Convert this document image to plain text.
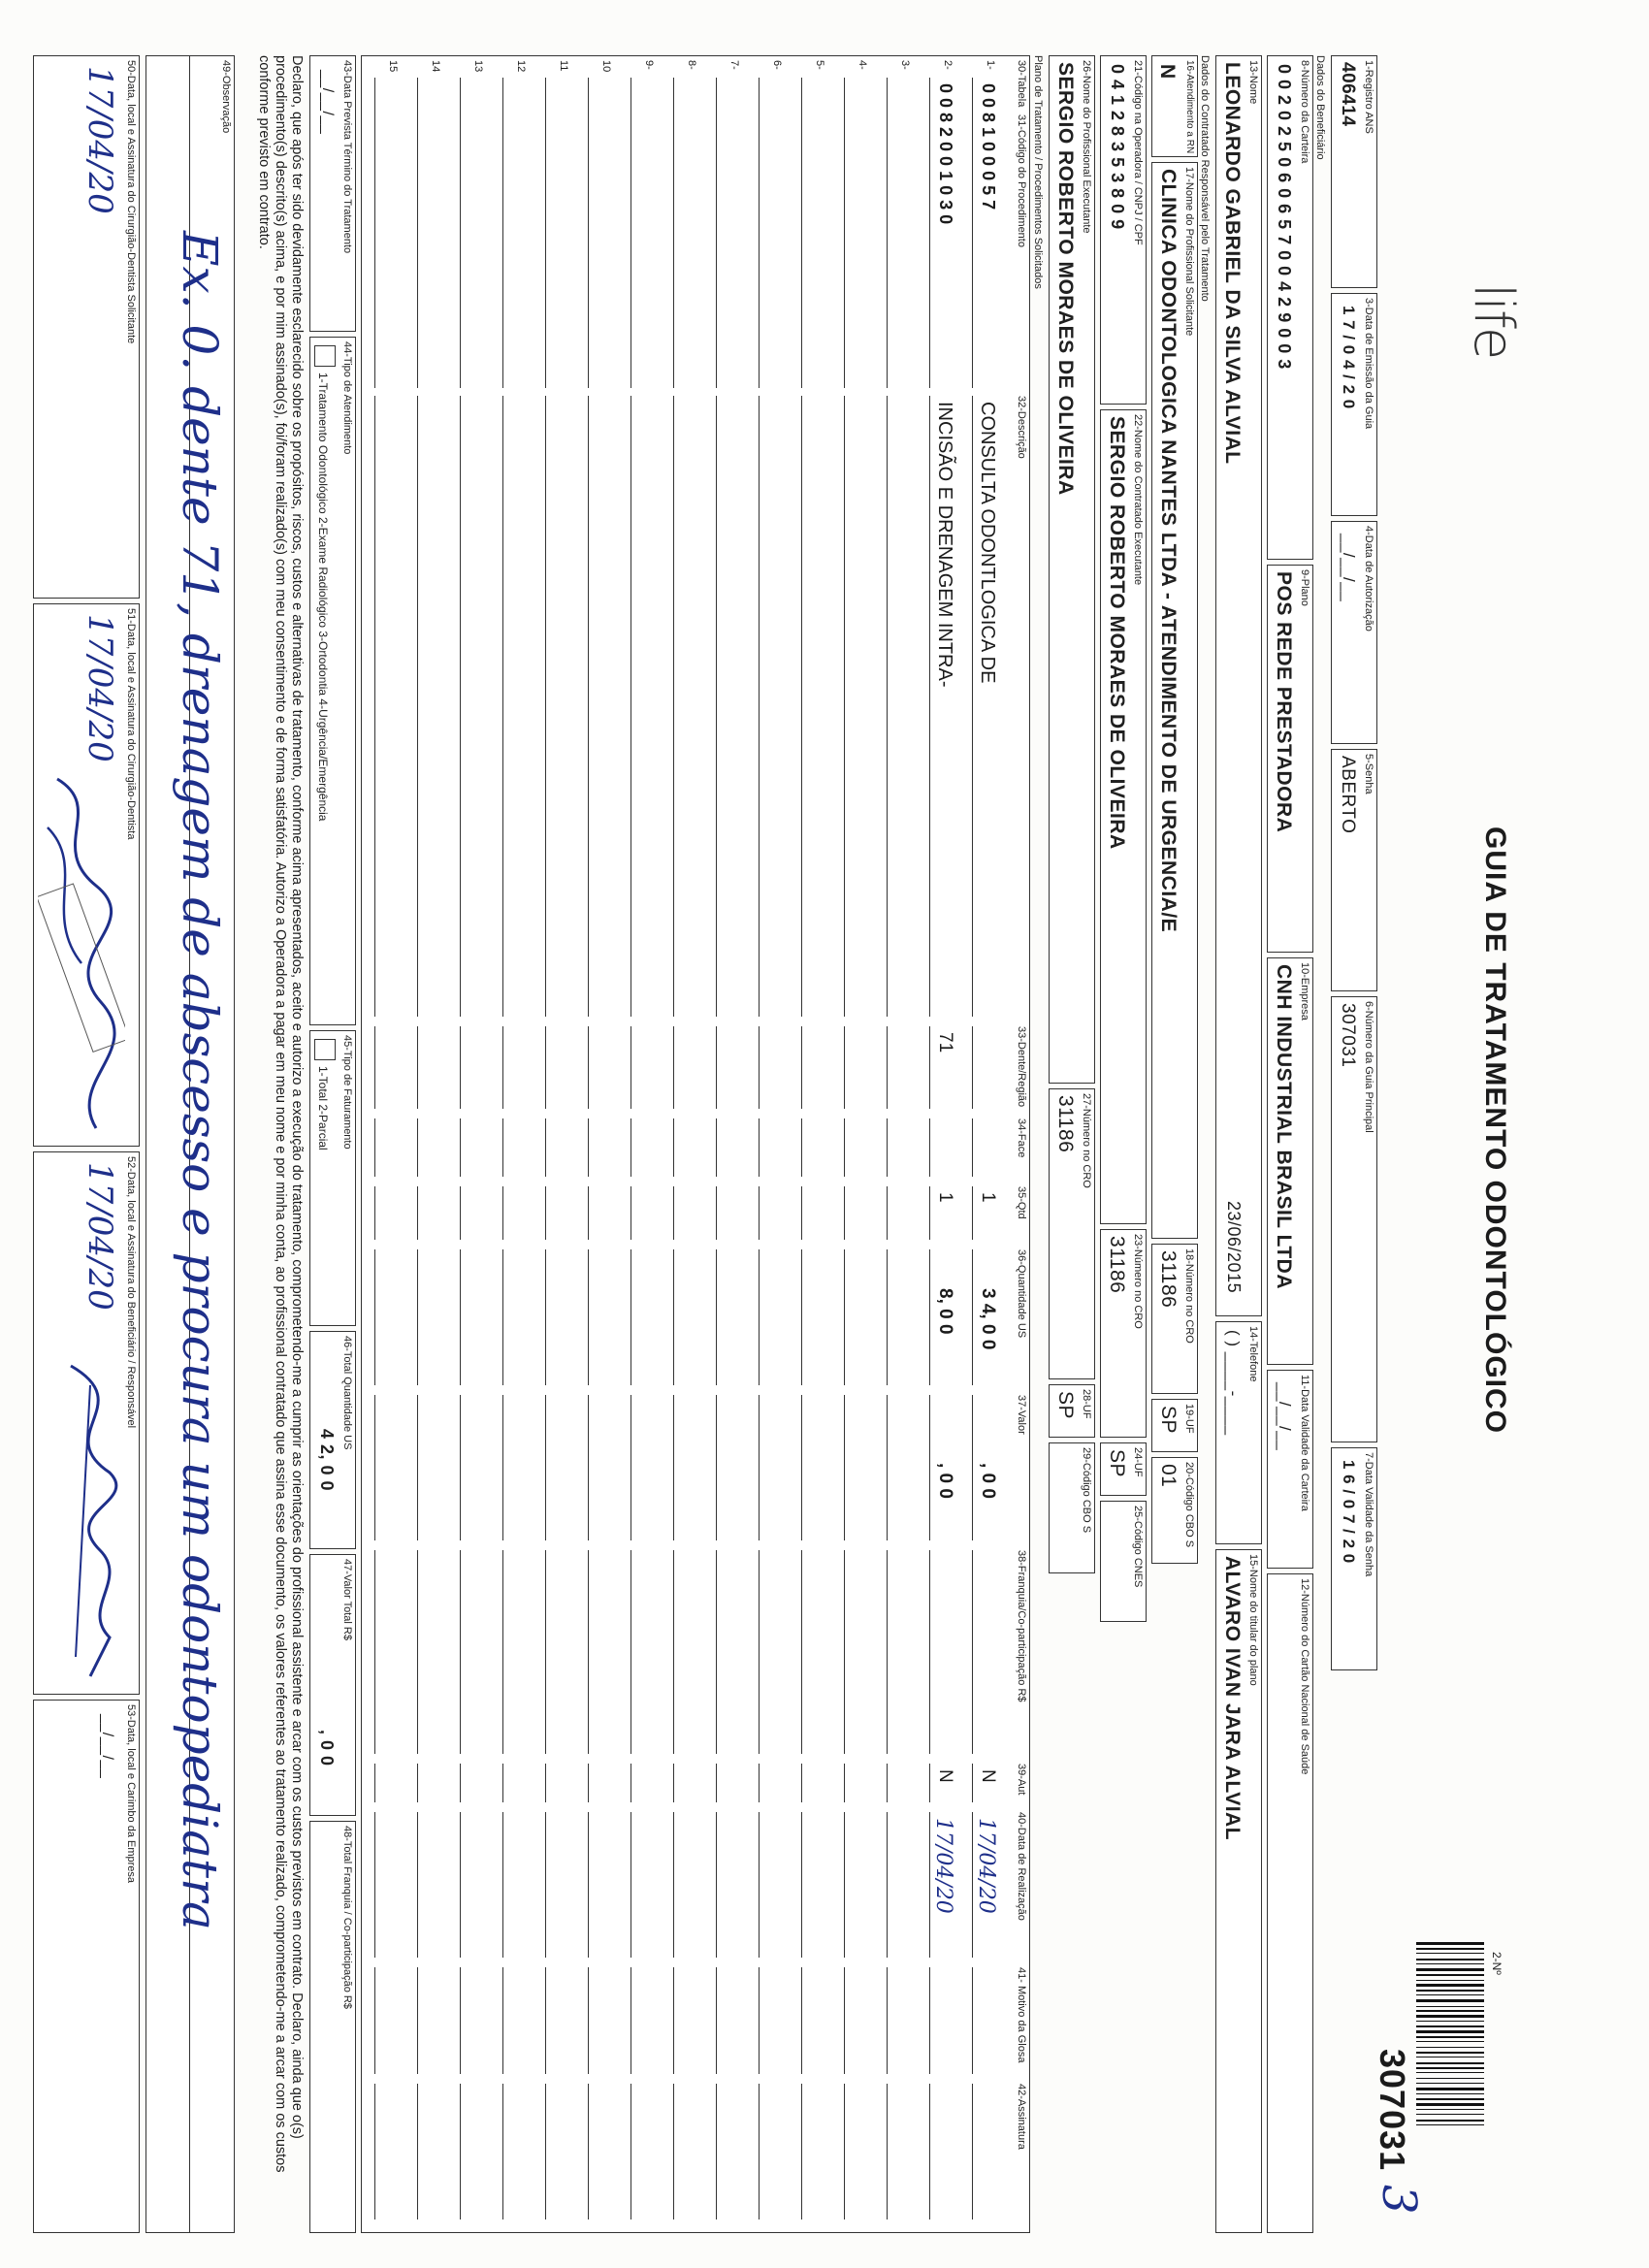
life
GUIA DE TRATAMENTO ODONTOLÓGICO
2-Nº
307031
3
1-Registro ANS
406414
3-Data de Emissão da Guia
1 7 / 0 4 / 2 0
4-Data de Autorização
__/__/__
5-Senha
ABERTO
6-Número da Guia Principal
307031
7-Data Validade da Senha
1 6 / 0 7 / 2 0
Dados do Beneficiário
8-Número da Carteira
0 0 2 0 2 5 0 6 0 6 5 7 0 0 4 2 9 0 0 3
9-Plano
POS REDE PRESTADORA
10-Empresa
CNH INDUSTRIAL BRASIL LTDA
11-Data Validade da Carteira
__/__/__
12-Número do Cartão Nacional de Saúde
13-Nome
LEONARDO GABRIEL DA SILVA ALVIAL
23/06/2015
14-Telefone
( ) ____-____
15-Nome do titular do plano
ALVARO IVAN JARA ALVIAL
Dados do Contratado Responsável pelo Tratamento
16-Atendimento a RN
N
17-Nome do Profissional Solicitante
CLINICA ODONTOLOGICA NANTES LTDA - ATENDIMENTO DE URGENCIA/E
18-Número no CRO
31186
19-UF
SP
20-Código CBO S
01
21-Código na Operadora / CNPJ / CPF
0 4 1 2 8 3 5 3 8 0 9
22-Nome do Contratado Executante
SERGIO ROBERTO MORAES DE OLIVEIRA
23-Número no CRO
31186
24-UF
SP
25-Código CNES
26-Nome do Profissional Executante
SERGIO ROBERTO MORAES DE OLIVEIRA
27-Número no CRO
31186
28-UF
SP
29-Código CBO S
Plano de Tratamento / Procedimentos Solicitados
30-Tabela
31-Código do Procedimento
32-Descrição
33-Dente/Região
34-Face
35-Qtd
36-Quantidade US
37-Valor
38-Franquia/Co-participação R$
39-Aut
40-Data de Realização
41- Motivo da Glosa
42-Assinatura
1-
0 0 8 1 0 0 0 5 7
CONSULTA ODONTLOGICA DE
1
3 4, 0 0
, 0 0
N
17/04/20
2-
0 0 8 2 0 0 1 0 3 0
INCISÃO E DRENAGEM INTRA-
71
1
8, 0 0
, 0 0
N
17/04/20
3-
4-
5-
6-
7-
8-
9-
10
11
12
13
14
15
43-Data Prevista Término do Tratamento
__/__/__
44-Tipo de Atendimento
1-Tratamento Odontológico 2-Exame Radiológico 3-Ortodontia 4-Urgência/Emergência
45-Tipo de Faturamento
1-Total 2-Parcial
46-Total Quantidade US
4 2, 0 0
47-Valor Total R$
, 0 0
48-Total Franquia / Co-participação R$
Declaro, que após ter sido devidamente esclarecido sobre os propósitos, riscos, custos e alternativas de tratamento, conforme acima apresentados, aceito e autorizo a execução do tratamento, comprometendo-me a cumprir as orientações do profissional assistente e arcar com os custos previstos em contrato. Declaro, ainda que o(s) procedimento(s) descrito(s) acima, e por mim assinado(s), foi/foram realizado(s) com meu consentimento e de forma satisfatória. Autorizo a Operadora a pagar em meu nome e por minha conta, ao profissional contratado que assina esse documento, os valores referentes ao tratamento realizado, comprometendo-me a arcar com os custos conforme previsto em contrato.
49-Observação
Ex. 0. dente 71, drenagem de abscesso e procura um odontopediatra
50-Data, local e Assinatura do Cirurgião-Dentista Solicitante
17/04/20
51-Data, local e Assinatura do Cirurgião-Dentista
17/04/20
52-Data, local e Assinatura do Beneficiário / Responsável
17/04/20
53-Data, local e Carimbo da Empresa
__/__/__
